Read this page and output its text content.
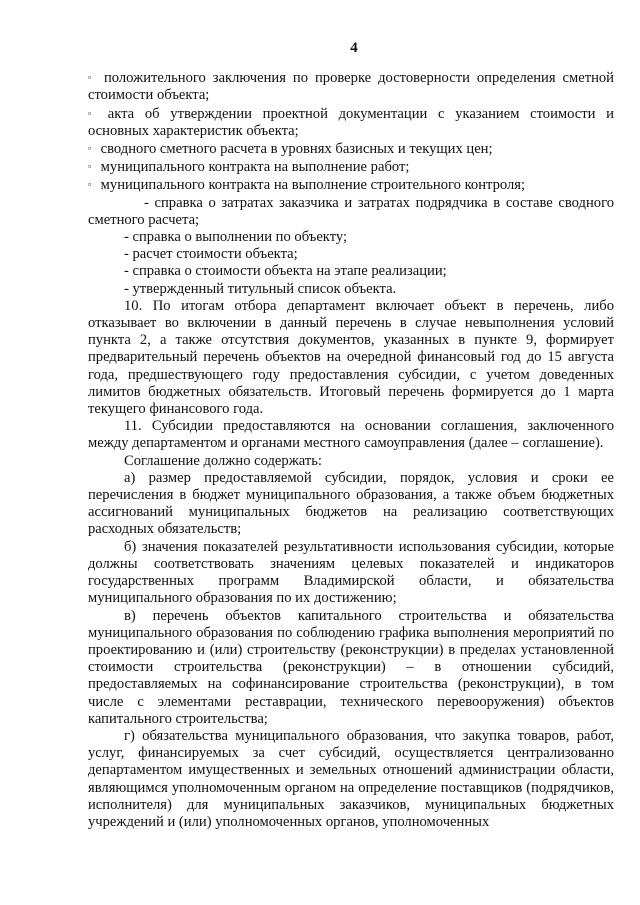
4

▫ положительного заключения по проверке достоверности определения сметной стоимости объекта;

▫ акта об утверждении проектной документации с указанием стоимости и основных характеристик объекта;

▫ сводного сметного расчета в уровнях базисных и текущих цен;

▫ муниципального контракта на выполнение работ;

▫ муниципального контракта на выполнение строительного контроля;

- справка о затратах заказчика и затратах подрядчика в составе сводного сметного расчета;

- справка о выполнении по объекту;

- расчет стоимости объекта;

- справка о стоимости объекта на этапе реализации;

- утвержденный титульный список объекта.

10. По итогам отбора департамент включает объект в перечень, либо отказывает во включении в данный перечень в случае невыполнения условий пункта 2, а также отсутствия документов, указанных в пункте 9, формирует предварительный перечень объектов на очередной финансовый год до 15 августа года, предшествующего году предоставления субсидии, с учетом доведенных лимитов бюджетных обязательств. Итоговый перечень формируется до 1 марта текущего финансового года.

11. Субсидии предоставляются на основании соглашения, заключенного между департаментом и органами местного самоуправления (далее – соглашение).

Соглашение должно содержать:

а) размер предоставляемой субсидии, порядок, условия и сроки ее перечисления в бюджет муниципального образования, а также объем бюджетных ассигнований муниципальных бюджетов на реализацию соответствующих расходных обязательств;

б) значения показателей результативности использования субсидии, которые должны соответствовать значениям целевых показателей и индикаторов государственных программ Владимирской области, и обязательства муниципального образования по их достижению;

в) перечень объектов капитального строительства и обязательства муниципального образования по соблюдению графика выполнения мероприятий по проектированию и (или) строительству (реконструкции) в пределах установленной стоимости строительства (реконструкции) – в отношении субсидий, предоставляемых на софинансирование строительства (реконструкции), в том числе с элементами реставрации, технического перевооружения) объектов капитального строительства;

г) обязательства муниципального образования, что закупка товаров, работ, услуг, финансируемых за счет субсидий, осуществляется централизованно департаментом имущественных и земельных отношений администрации области, являющимся уполномоченным органом на определение поставщиков (подрядчиков, исполнителя) для муниципальных заказчиков, муниципальных бюджетных учреждений и (или) уполномоченных органов, уполномоченных
